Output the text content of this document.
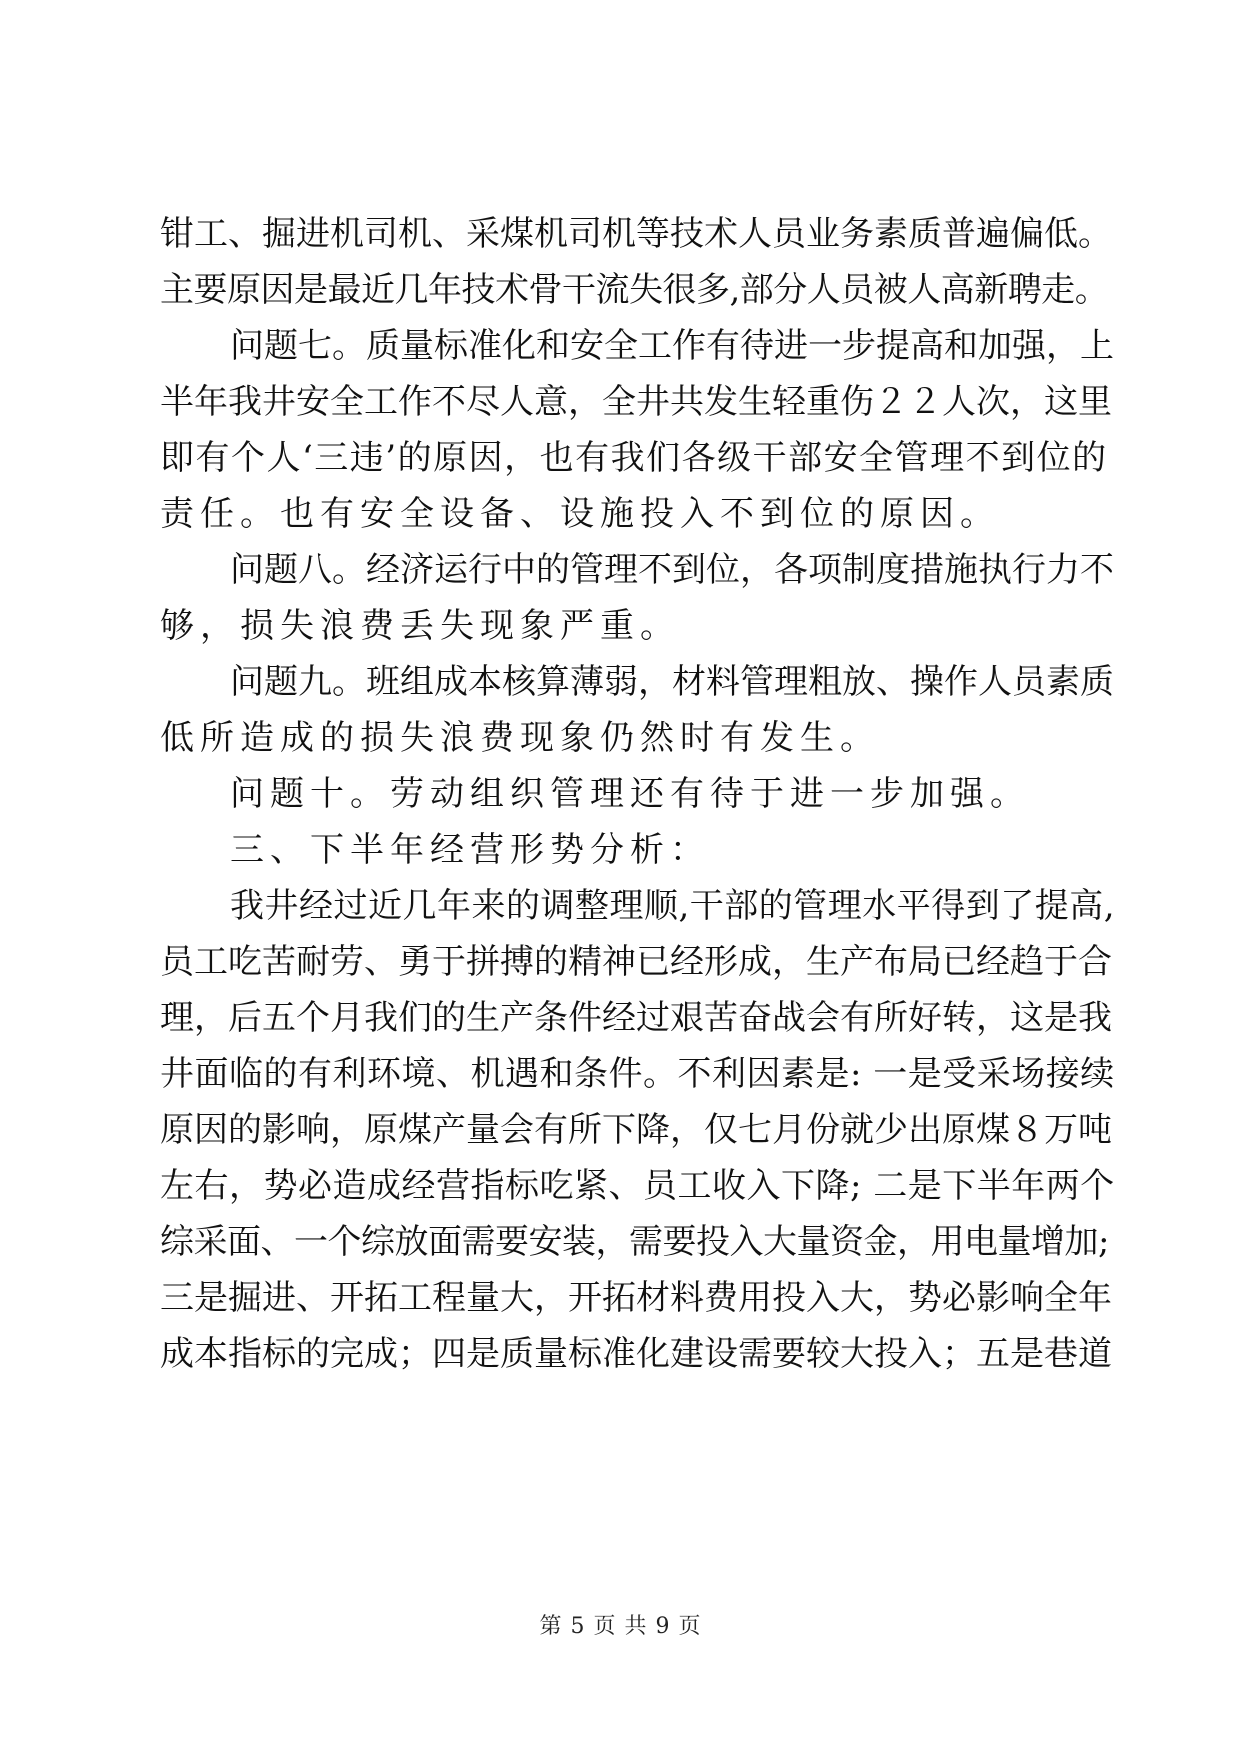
钳工、掘进机司机、采煤机司机等技术人员业务素质普遍偏低。
主要原因是最近几年技术骨干流失很多,部分人员被人高新聘走。
问题七。质量标准化和安全工作有待进一步提高和加强，上
半年我井安全工作不尽人意，全井共发生轻重伤２２人次，这里
即有个人‘三违’的原因，也有我们各级干部安全管理不到位的
责任。也有安全设备、设施投入不到位的原因。
问题八。经济运行中的管理不到位，各项制度措施执行力不
够，损失浪费丢失现象严重。
问题九。班组成本核算薄弱，材料管理粗放、操作人员素质
低所造成的损失浪费现象仍然时有发生。
问题十。劳动组织管理还有待于进一步加强。
三、下半年经营形势分析：
我井经过近几年来的调整理顺,干部的管理水平得到了提高,
员工吃苦耐劳、勇于拼搏的精神已经形成，生产布局已经趋于合
理，后五个月我们的生产条件经过艰苦奋战会有所好转，这是我
井面临的有利环境、机遇和条件。不利因素是: 一是受采场接续
原因的影响，原煤产量会有所下降，仅七月份就少出原煤８万吨
左右，势必造成经营指标吃紧、员工收入下降; 二是下半年两个
综采面、一个综放面需要安装，需要投入大量资金，用电量增加;
三是掘进、开拓工程量大，开拓材料费用投入大，势必影响全年
成本指标的完成；四是质量标准化建设需要较大投入；五是巷道
第 5 页 共 9 页
